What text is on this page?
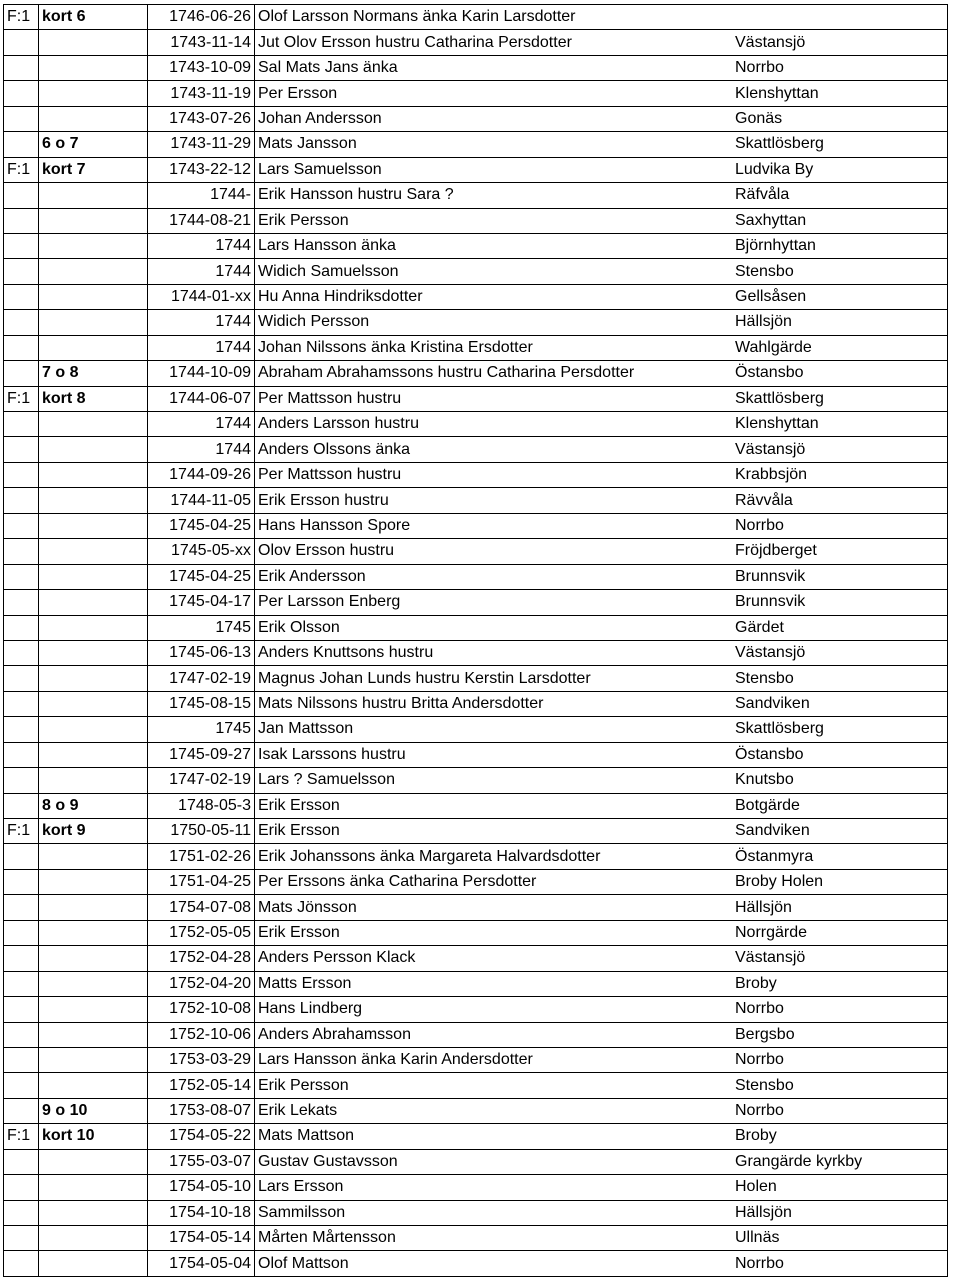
F:1	kort 6	1746-06-26	Olof Larsson Normans änka Karin Larsdotter	
		1743-11-14	Jut Olov Ersson hustru Catharina Persdotter	Västansjö
		1743-10-09	Sal Mats Jans änka	Norrbo
		1743-11-19	Per Ersson	Klenshyttan
		1743-07-26	Johan Andersson	Gonäs
	6 o 7	1743-11-29	Mats Jansson	Skattlösberg
F:1	kort 7	1743-22-12	Lars Samuelsson	Ludvika By
		1744-	Erik Hansson hustru Sara ?	Räfvåla
		1744-08-21	Erik Persson	Saxhyttan
		1744	Lars Hansson änka	Björnhyttan
		1744	Widich Samuelsson	Stensbo
		1744-01-xx	Hu Anna Hindriksdotter	Gellsåsen
		1744	Widich Persson	Hällsjön
		1744	Johan Nilssons änka Kristina Ersdotter	Wahlgärde
	7 o 8	1744-10-09	Abraham Abrahamssons hustru Catharina Persdotter	Östansbo
F:1	kort 8	1744-06-07	Per Mattsson hustru	Skattlösberg
		1744	Anders Larsson hustru	Klenshyttan
		1744	Anders Olssons änka	Västansjö
		1744-09-26	Per Mattsson hustru	Krabbsjön
		1744-11-05	Erik Ersson hustru	Rävvåla
		1745-04-25	Hans Hansson Spore	Norrbo
		1745-05-xx	Olov Ersson hustru	Fröjdberget
		1745-04-25	Erik Andersson	Brunnsvik
		1745-04-17	Per Larsson Enberg	Brunnsvik
		1745	Erik Olsson	Gärdet
		1745-06-13	Anders Knuttsons hustru	Västansjö
		1747-02-19	Magnus Johan Lunds hustru Kerstin Larsdotter	Stensbo
		1745-08-15	Mats Nilssons hustru Britta Andersdotter	Sandviken
		1745	Jan Mattsson	Skattlösberg
		1745-09-27	Isak Larssons hustru	Östansbo
		1747-02-19	Lars ? Samuelsson	Knutsbo
	8 o 9	1748-05-3	Erik Ersson	Botgärde
F:1	kort 9	1750-05-11	Erik Ersson	Sandviken
		1751-02-26	Erik Johanssons änka Margareta Halvardsdotter	Östanmyra
		1751-04-25	Per Erssons änka Catharina Persdotter	Broby Holen
		1754-07-08	Mats Jönsson	Hällsjön
		1752-05-05	Erik Ersson	Norrgärde
		1752-04-28	Anders Persson Klack	Västansjö
		1752-04-20	Matts Ersson	Broby
		1752-10-08	Hans Lindberg	Norrbo
		1752-10-06	Anders Abrahamsson	Bergsbo
		1753-03-29	Lars Hansson änka Karin Andersdotter	Norrbo
		1752-05-14	Erik Persson	Stensbo
	9 o 10	1753-08-07	Erik Lekats	Norrbo
F:1	kort 10	1754-05-22	Mats Mattson	Broby
		1755-03-07	Gustav Gustavsson	Grangärde kyrkby
		1754-05-10	Lars Ersson	Holen
		1754-10-18	Sammilsson	Hällsjön
		1754-05-14	Mårten Mårtensson	Ullnäs
		1754-05-04	Olof Mattson	Norrbo
